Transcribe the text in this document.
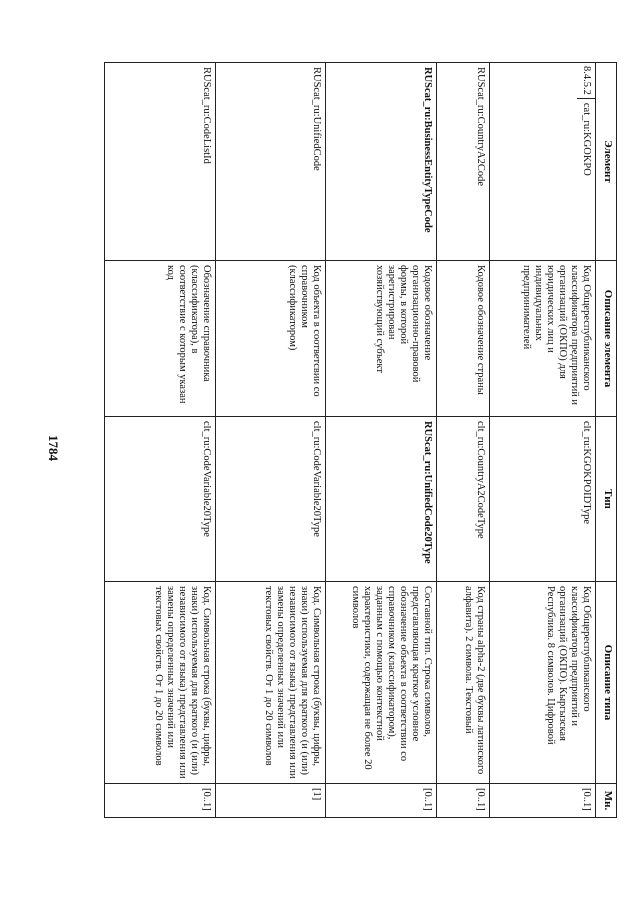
1784
Элемент	Описание элемента	Тип	Описание типа	Мн.

8.4.5.2
cat_ru:KGOKPO	Код Общереспубликанского классификатора предприятий и организаций (ОКПО) для юридических лиц и индивидуальных предпринимателей	clt_ru:KGOKPOIDType	Код Общереспубликанского классификатора предприятий и организаций (ОКПО). Кыргызская Республика. 8 символов. Цифровой	[0..1]
RUScat_ru:CountryA2Code	Кодовое обозначение страны	clt_ru:CountryA2CodeType	Код страны alpha-2 (две буквы латинского алфавита). 2 символа. Текстовый	[0..1]
RUScat_ru:BusinessEntityTypeCode	Кодовое обозначение организационно-правовой формы, в которой зарегистрирован хозяйствующий субъект	RUScat_ru:UnifiedCode20Type	Составной тип. Строка символов, представляющая краткое условное обозначение объекта в соответствии со справочником (классификатором), заданным с помощью контекстной характеристики, содержащая не более 20 символов	[0..1]
RUScat_ru:UnifiedCode	Код объекта в соответсвии со справочником (классификатором)	clt_ru:CodeVariable20Type	Код. Символьная строка (буквы, цифры, знаки) используемая для краткого (и (или) независимого от языка) представления или замены определенных значений или текстовых свойств. От 1 до 20 символов	[1]
RUScat_ru:CodeListId	Обозначение справочника (классификатора), в соответствие с которым указан код	clt_ru:CodeVariable20Type	Код. Символьная строка (буквы, цифры, знаки) используемая для краткого (и (или) независимого от языка) представления или замены определенных значений или текстовых свойств. От 1 до 20 символов	[0..1]
